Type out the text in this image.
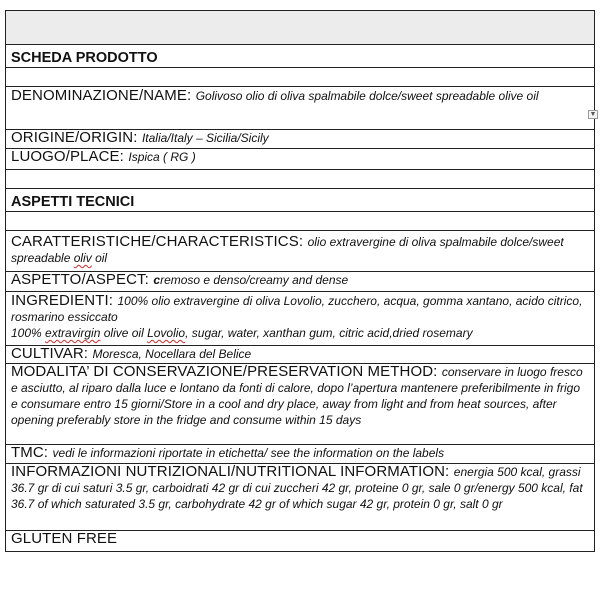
SCHEDA PRODOTTO
DENOMINAZIONE/NAME: Golivoso olio di oliva spalmabile dolce/sweet spreadable olive oil
ORIGINE/ORIGIN: Italia/Italy – Sicilia/Sicily
LUOGO/PLACE: Ispica ( RG )
ASPETTI TECNICI
CARATTERISTICHE/CHARACTERISTICS: olio extravergine di oliva spalmabile dolce/sweet spreadable oliv oil
ASPETTO/ASPECT: cremoso e denso/creamy and dense
INGREDIENTI: 100% olio extravergine di oliva Lovolio, zucchero, acqua, gomma xantano, acido citrico, rosmarino essiccato
100% extravirgin olive oil Lovolio, sugar, water, xanthan gum, citric acid,dried rosemary
CULTIVAR: Moresca, Nocellara del Belice
MODALITA’ DI CONSERVAZIONE/PRESERVATION METHOD: conservare in luogo fresco e asciutto, al riparo dalla luce e lontano da fonti di calore, dopo l’apertura mantenere preferibilmente in frigo e consumare entro 15 giorni/Store in a cool and dry place, away from light and from heat sources, after opening preferably store in the fridge and consume within 15 days
TMC: vedi le informazioni riportate in etichetta/ see the information on the labels
INFORMAZIONI NUTRIZIONALI/NUTRITIONAL INFORMATION: energia 500 kcal, grassi 36.7 gr di cui saturi 3.5 gr, carboidrati 42 gr di cui zuccheri 42 gr, proteine 0 gr, sale 0 gr/energy 500 kcal, fat 36.7 of which saturated 3.5 gr, carbohydrate 42 gr of which sugar 42 gr, protein 0 gr, salt 0 gr
GLUTEN FREE
▼
